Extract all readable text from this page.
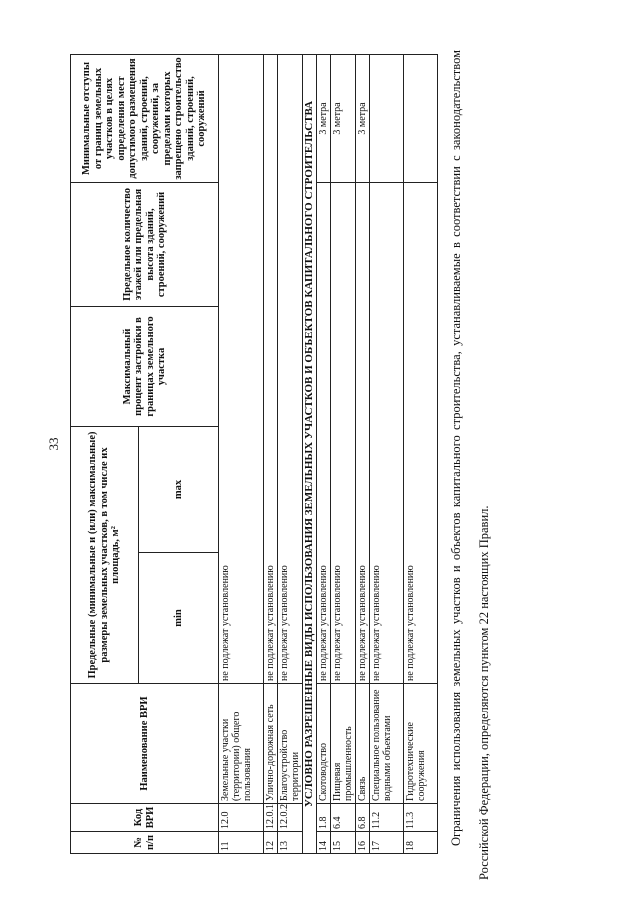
33
№ п/п	Код ВРИ	Наименование ВРИ	Предельные (минимальные и (или) максимальные) размеры земельных участков, в том числе их площадь, м²		Максимальный процент застройки в границах земельного участка	Предельное количество этажей или предельная высота зданий, строений, сооружений	Минимальные отступы от границ земельных участков в целях определения мест допустимого размещения зданий, строений, сооружений, за пределами которых запрещено строительство зданий, строений, сооружений
			min	max			
11	12.0	Земельные участки (территории) общего пользования	не подлежат установлению				
12	12.0.1	Улично-дорожная сеть	не подлежат установлению				
13	12.0.2	Благоустройство территории	не подлежат установлению				
УСЛОВНО РАЗРЕШЕННЫЕ ВИДЫ ИСПОЛЬЗОВАНИЯ ЗЕМЕЛЬНЫХ УЧАСТКОВ И ОБЪЕКТОВ КАПИТАЛЬНОГО СТРОИТЕЛЬСТВА							
14	1.8	Скотоводство	не подлежат установлению				3 метра
15	6.4	Пищевая промышленность	не подлежат установлению				3 метра
16	6.8	Связь	не подлежат установлению				3 метра
17	11.2	Специальное пользование водными объектами	не подлежат установлению				
18	11.3	Гидротехнические сооружения	не подлежат установлению					Ограничения использования земельных участков и объектов капитального строительства, устанавливаемые в соответствии с законодательством Российской Федерации, определяются пунктом 22 настоящих Правил.
